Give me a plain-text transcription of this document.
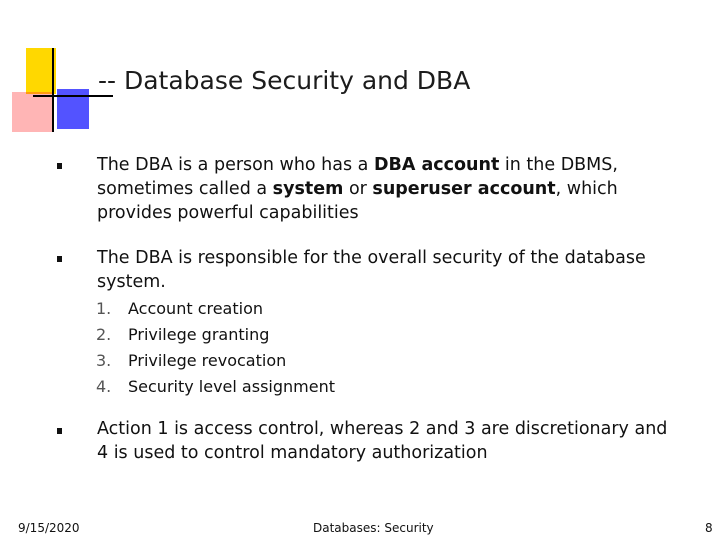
-- Database Security and DBA
The DBA is a person who has a DBA account in the DBMS, sometimes called a system or superuser account, which provides powerful capabilities
The DBA is responsible for the overall security of the database system.
1. Account creation
2. Privilege granting
3. Privilege revocation
4. Security level assignment
Action 1 is access control, whereas 2 and 3 are discretionary and 4 is used to control mandatory authorization
9/15/2020	Databases: Security	8
